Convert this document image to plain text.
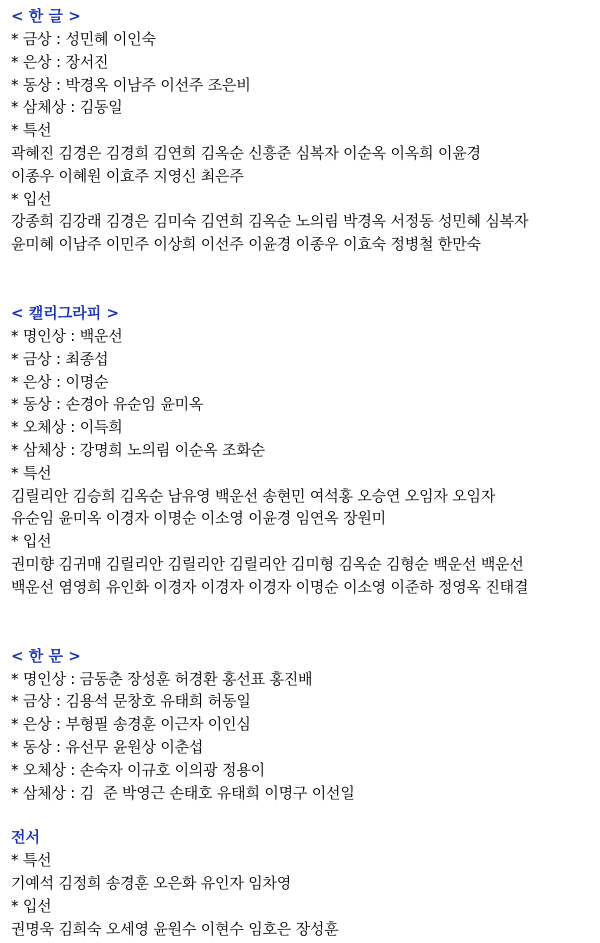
< 한 글 >
* 금상 : 성민혜 이인숙
* 은상 : 장서진
* 동상 : 박경옥 이남주 이선주 조은비
* 삼체상 : 김동일
* 특선
곽혜진 김경은 김경희 김연희 김옥순 신흥준 심복자 이순옥 이옥희 이윤경
이종우 이혜원 이효주 지영신 최은주
* 입선
강종희 김강래 김경은 김미숙 김연희 김옥순 노의림 박경옥 서정동 성민혜 심복자
윤미혜 이남주 이민주 이상희 이선주 이윤경 이종우 이효숙 정병철 한만숙
< 캘리그라피 >
* 명인상 : 백운선
* 금상 : 최종섭
* 은상 : 이명순
* 동상 : 손경아 유순임 윤미옥
* 오체상 : 이득희
* 삼체상 : 강명희 노의림 이순옥 조화순
* 특선
김릴리안 김승희 김옥순 남유영 백운선 송현민 여석홍 오승연 오임자 오임자
유순임 윤미옥 이경자 이명순 이소영 이윤경 임연옥 장원미
* 입선
권미향 김귀매 김릴리안 김릴리안 김릴리안 김미형 김옥순 김형순 백운선 백운선
백운선 염영희 유인화 이경자 이경자 이경자 이명순 이소영 이준하 정영옥 진태결
< 한 문 >
* 명인상 : 금동춘 장성훈 허경환 홍선표 홍진배
* 금상 : 김용석 문창호 유태희 허동일
* 은상 : 부형필 송경훈 이근자 이인심
* 동상 : 유선무 윤원상 이춘섭
* 오체상 : 손숙자 이규호 이의광 정용이
* 삼체상 : 김  준 박영근 손태호 유태희 이명구 이선일
전서
* 특선
기예석 김정희 송경훈 오은화 유인자 임차영
* 입선
권명욱 김희숙 오세영 윤원수 이현수 임호은 장성훈
